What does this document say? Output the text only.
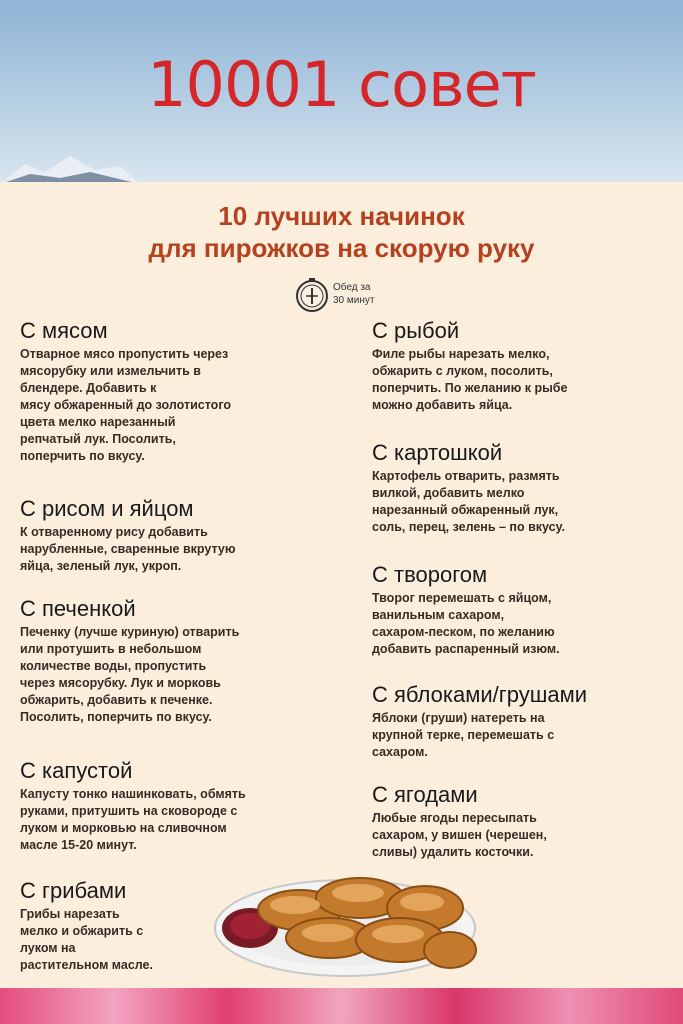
10001 совет
10 лучших начинок
для пирожков на скорую руку
Обед за
30 минут
С мясом

Отварное мясо пропустить через
мясорубку или измельчить в
блендере. Добавить к
мясу обжаренный до золотистого
цвета мелко нарезанный
репчатый лук. Посолить,
поперчить по вкусу.

С рисом и яйцом

К отваренному рису добавить
нарубленные, сваренные вкрутую
яйца, зеленый лук, укроп.

С печенкой

Печенку (лучше куриную) отварить
или протушить в небольшом
количестве воды, пропустить
через мясорубку. Лук и морковь
обжарить, добавить к печенке.
Посолить, поперчить по вкусу.

С капустой

Капусту тонко нашинковать, обмять
руками, притушить на сковороде с
луком и морковью на сливочном
масле 15-20 минут.

С грибами

Грибы нарезать
мелко и обжарить с
луком на
растительном масле.

С рыбой

Филе рыбы нарезать мелко,
обжарить с луком, посолить,
поперчить. По желанию к рыбе
можно добавить яйца.

С картошкой

Картофель отварить, размять
вилкой, добавить мелко
нарезанный обжаренный лук,
соль, перец, зелень – по вкусу.

С творогом

Творог перемешать с яйцом,
ванильным сахаром,
сахаром-песком, по желанию
добавить распаренный изюм.

С яблоками/грушами

Яблоки (груши) натереть на
крупной терке, перемешать с
сахаром.

С ягодами

Любые ягоды пересыпать
сахаром, у вишен (черешен,
сливы) удалить косточки.
